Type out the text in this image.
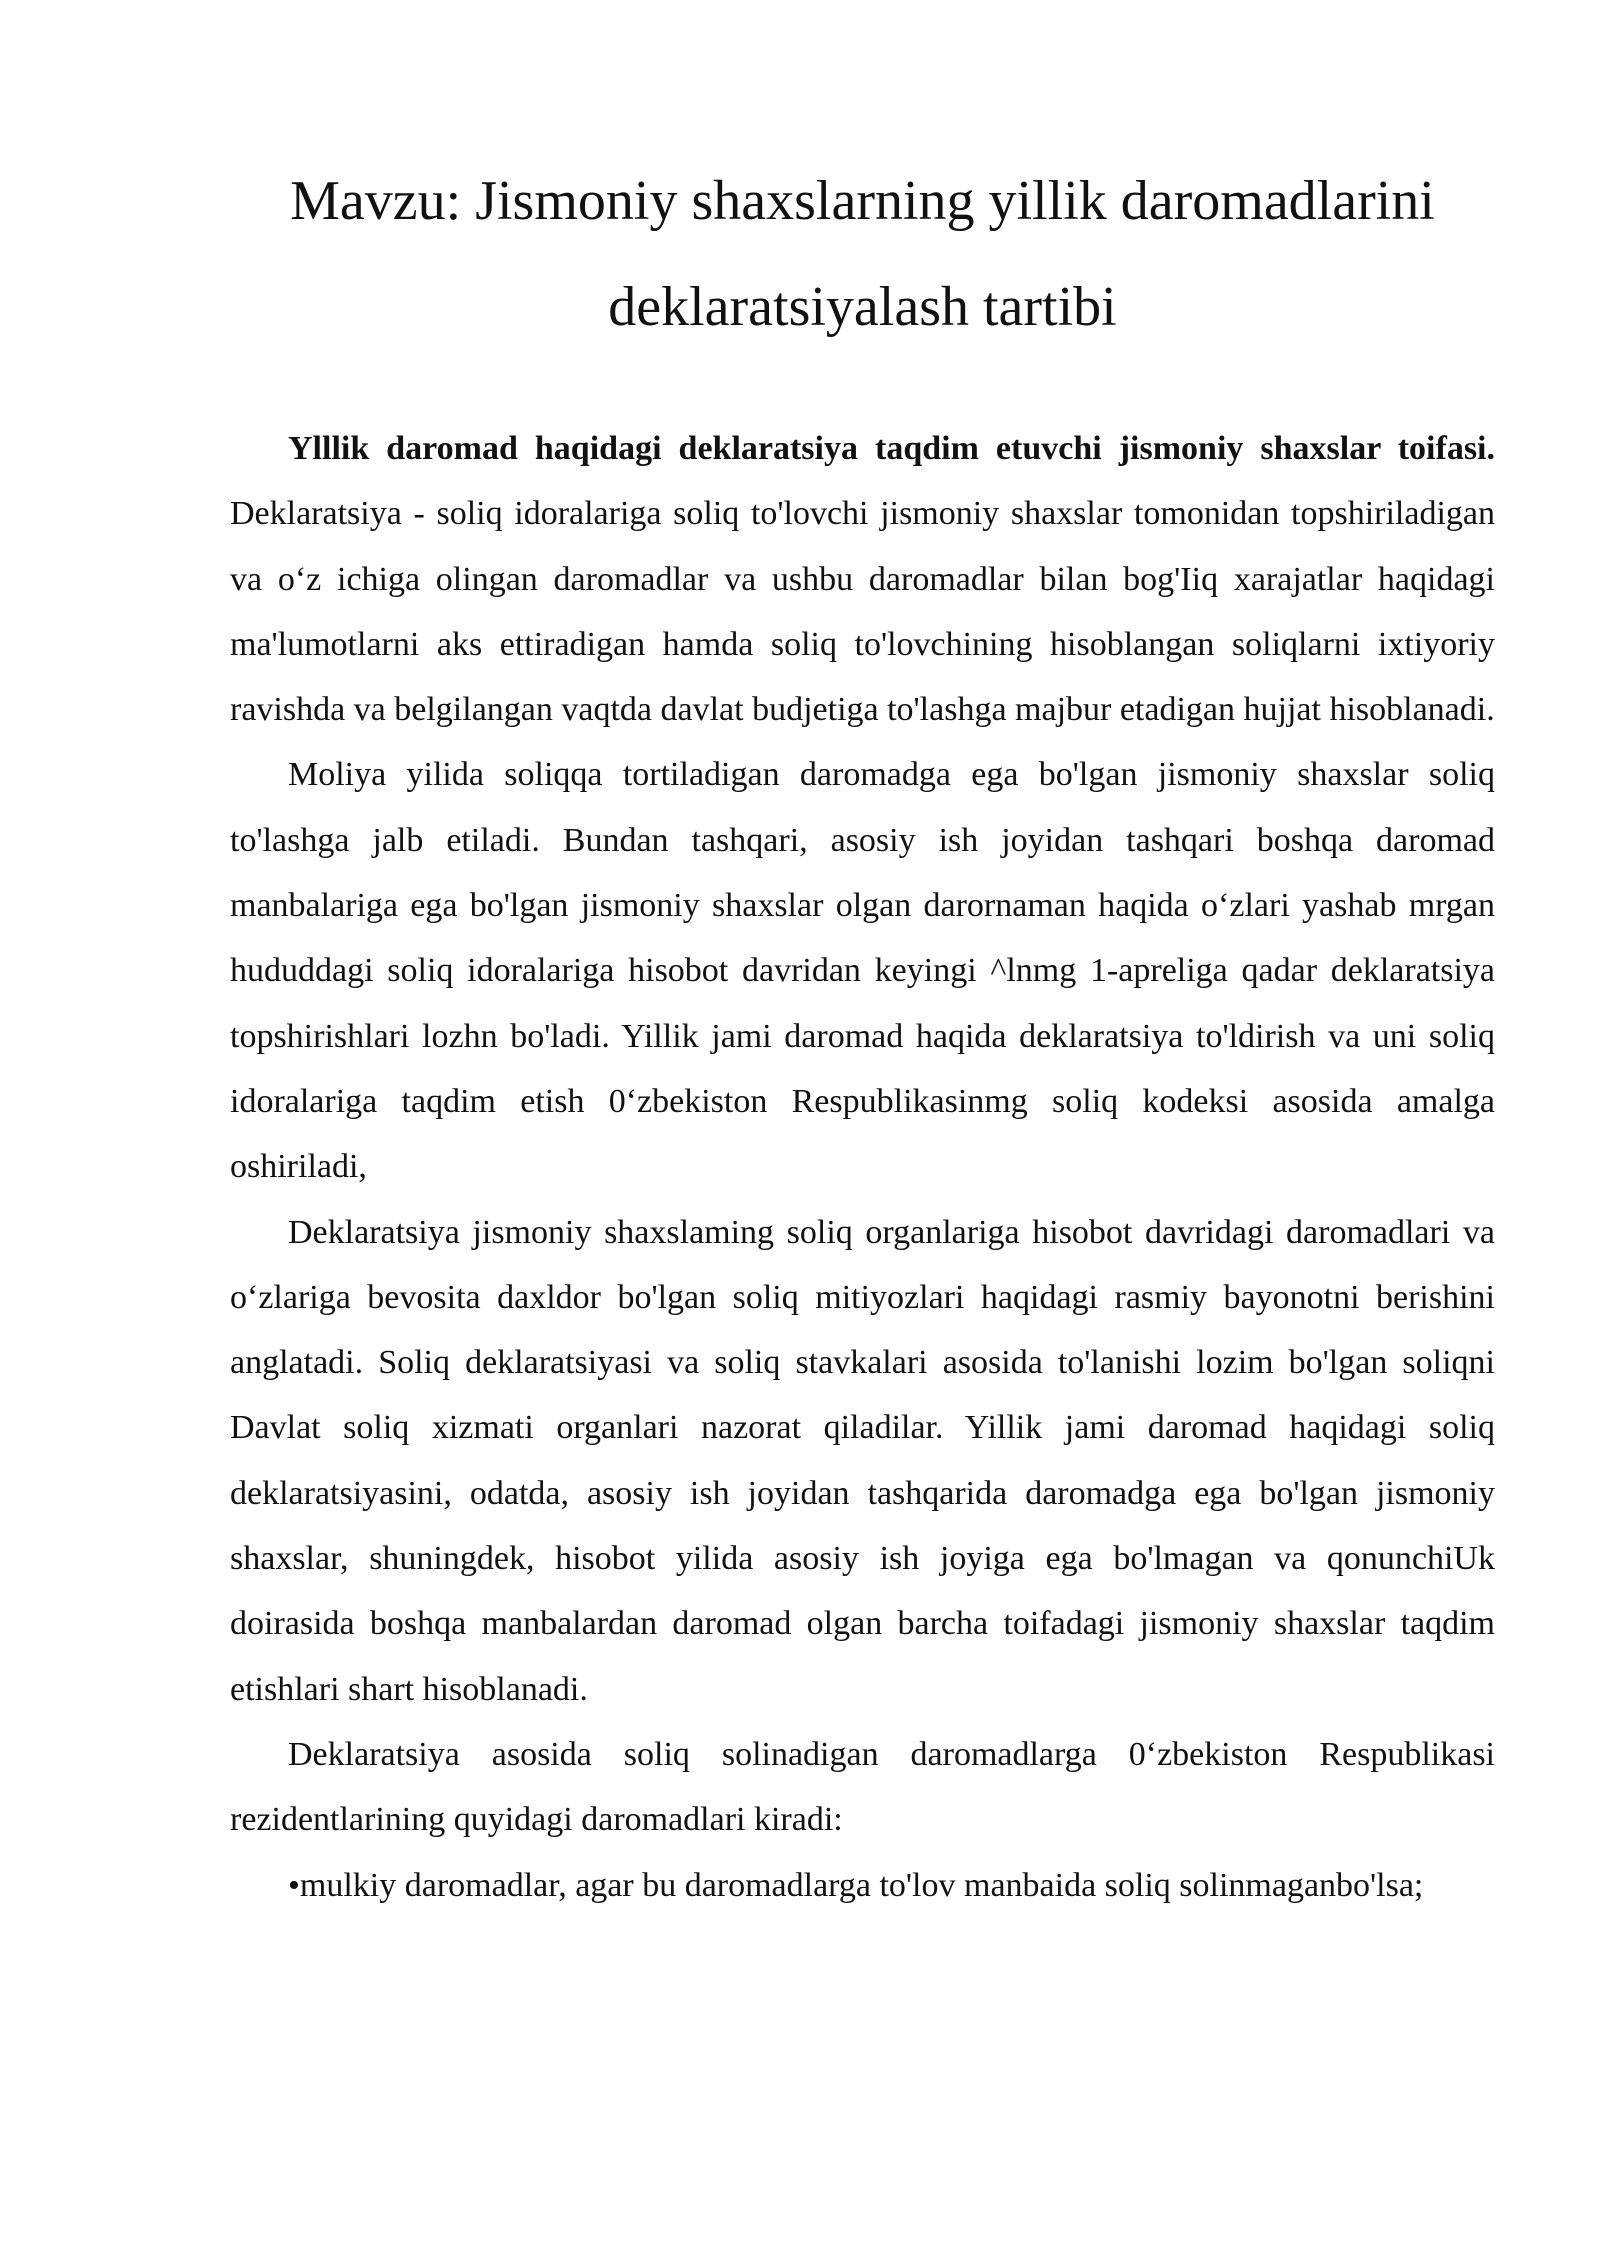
Mavzu: Jismoniy shaxslarning yillik daromadlarini
deklaratsiyalash tartibi

Ylllik daromad haqidagi deklaratsiya taqdim etuvchi jismoniy shaxslar toifasi. Deklaratsiya - soliq idoralariga soliq to'lovchi jismoniy shaxslar tomonidan topshiriladigan va o‘z ichiga olingan daromadlar va ushbu daromadlar bilan bog'Iiq xarajatlar haqidagi ma'lumotlarni aks ettiradigan hamda soliq to'lovchining hisoblangan soliqlarni ixtiyoriy ravishda va belgilangan vaqtda davlat budjetiga to'lashga majbur etadigan hujjat hisoblanadi.

Moliya yilida soliqqa tortiladigan daromadga ega bo'lgan jismoniy shaxslar soliq to'lashga jalb etiladi. Bundan tashqari, asosiy ish joyidan tashqari boshqa daromad manbalariga ega bo'lgan jismoniy shaxslar olgan darornaman haqida o‘zlari yashab mrgan hududdagi soliq idoralariga hisobot davridan keyingi ^lnmg 1-apreliga qadar deklaratsiya topshirishlari lozhn bo'ladi. Yillik jami daromad haqida deklaratsiya to'ldirish va uni soliq idoralariga taqdim etish 0‘zbekiston Respublikasinmg soliq kodeksi asosida amalga oshiriladi,

Deklaratsiya jismoniy shaxslaming soliq organlariga hisobot davridagi daromadlari va o‘zlariga bevosita daxldor bo'lgan soliq mitiyozlari haqidagi rasmiy bayonotni berishini anglatadi. Soliq deklaratsiyasi va soliq stavkalari asosida to'lanishi lozim bo'lgan soliqni Davlat soliq xizmati organlari nazorat qiladilar. Yillik jami daromad haqidagi soliq deklaratsiyasini, odatda, asosiy ish joyidan tashqarida daromadga ega bo'lgan jismoniy shaxslar, shuningdek, hisobot yilida asosiy ish joyiga ega bo'lmagan va qonunchiUk doirasida boshqa manbalardan daromad olgan barcha toifadagi jismoniy shaxslar taqdim etishlari shart hisoblanadi.

Deklaratsiya asosida soliq solinadigan daromadlarga 0‘zbekiston Respublikasi rezidentlarining quyidagi daromadlari kiradi:

•mulkiy daromadlar, agar bu daromadlarga to'lov manbaida soliq solinmaganbo'lsa;
